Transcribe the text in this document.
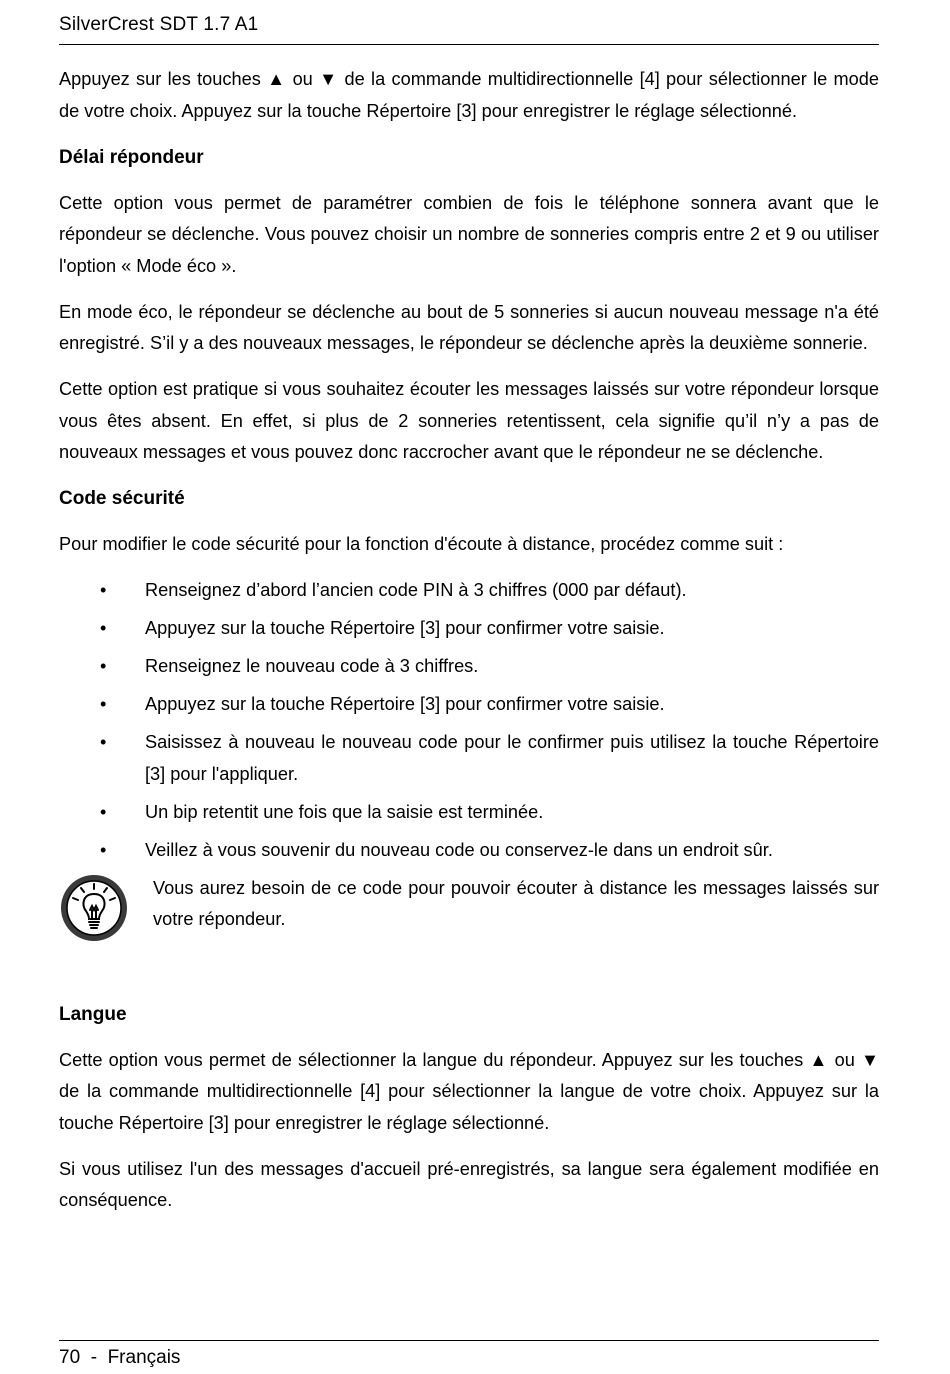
SilverCrest SDT 1.7 A1

Appuyez sur les touches ▲ ou ▼ de la commande multidirectionnelle [4] pour sélectionner le mode de votre choix. Appuyez sur la touche Répertoire [3] pour enregistrer le réglage sélectionné.

Délai répondeur

Cette option vous permet de paramétrer combien de fois le téléphone sonnera avant que le répondeur se déclenche. Vous pouvez choisir un nombre de sonneries compris entre 2 et 9 ou utiliser l'option « Mode éco ».

En mode éco, le répondeur se déclenche au bout de 5 sonneries si aucun nouveau message n'a été enregistré. S’il y a des nouveaux messages, le répondeur se déclenche après la deuxième sonnerie.

Cette option est pratique si vous souhaitez écouter les messages laissés sur votre répondeur lorsque vous êtes absent. En effet, si plus de 2 sonneries retentissent, cela signifie qu’il n’y a pas de nouveaux messages et vous pouvez donc raccrocher avant que le répondeur ne se déclenche.

Code sécurité

Pour modifier le code sécurité pour la fonction d'écoute à distance, procédez comme suit :

• Renseignez d’abord l’ancien code PIN à 3 chiffres (000 par défaut).
• Appuyez sur la touche Répertoire [3] pour confirmer votre saisie.
• Renseignez le nouveau code à 3 chiffres.
• Appuyez sur la touche Répertoire [3] pour confirmer votre saisie.
• Saisissez à nouveau le nouveau code pour le confirmer puis utilisez la touche Répertoire [3] pour l'appliquer.
• Un bip retentit une fois que la saisie est terminée.
• Veillez à vous souvenir du nouveau code ou conservez-le dans un endroit sûr.
Vous aurez besoin de ce code pour pouvoir écouter à distance les messages laissés sur votre répondeur.
Langue

Cette option vous permet de sélectionner la langue du répondeur. Appuyez sur les touches ▲ ou ▼ de la commande multidirectionnelle [4] pour sélectionner la langue de votre choix. Appuyez sur la touche Répertoire [3] pour enregistrer le réglage sélectionné.

Si vous utilisez l'un des messages d'accueil pré-enregistrés, sa langue sera également modifiée en conséquence.

70  -  Français
